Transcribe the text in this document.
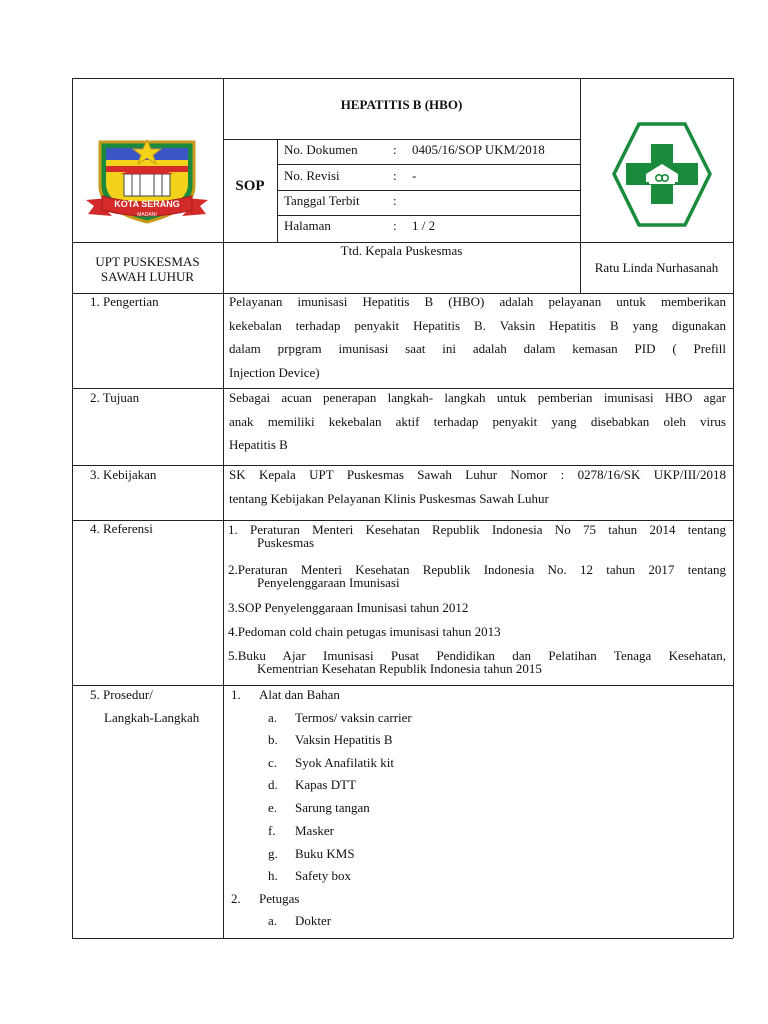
KOTA SERANG
MADANI
HEPATITIS B (HBO)
SOP
No. Dokumen	: 0405/16/SOP UKM/2018
No. Revisi	: -
Tanggal Terbit	:
Halaman	: 1 / 2
UPT PUSKESMAS
SAWAH LUHUR
Ttd. Kepala Puskesmas
Ratu Linda Nurhasanah
1. Pengertian	Pelayanan imunisasi Hepatitis B (HBO) adalah pelayanan untuk memberikan
kekebalan terhadap penyakit Hepatitis B. Vaksin Hepatitis B yang digunakan
dalam prpgram imunisasi saat ini adalah dalam kemasan PID ( Prefill
Injection Device)
2. Tujuan	Sebagai acuan penerapan langkah- langkah untuk pemberian imunisasi HBO agar
anak memiliki kekebalan aktif terhadap penyakit yang disebabkan oleh virus
Hepatitis B
3. Kebijakan	SK Kepala UPT Puskesmas Sawah Luhur Nomor : 0278/16/SK UKP/III/2018
tentang Kebijakan Pelayanan Klinis Puskesmas Sawah Luhur
4. Referensi	1. Peraturan Menteri Kesehatan Republik Indonesia No 75 tahun 2014 tentang
Puskesmas
2.Peraturan Menteri Kesehatan Republik Indonesia No. 12 tahun 2017 tentang
Penyelenggaraan Imunisasi
3.SOP Penyelenggaraan Imunisasi tahun 2012
4.Pedoman cold chain petugas imunisasi tahun 2013
5.Buku Ajar Imunisasi Pusat Pendidikan dan Pelatihan Tenaga Kesehatan,
Kementrian Kesehatan Republik Indonesia tahun 2015
5. Prosedur/
Langkah-Langkah
1. Alat dan Bahan
a.	Termos/ vaksin carrier
b.	Vaksin Hepatitis B
c.	Syok Anafilatik kit
d.	Kapas DTT
e.	Sarung tangan
f.	Masker
g.	Buku KMS
h.	Safety box
2. Petugas
a.	Dokter
